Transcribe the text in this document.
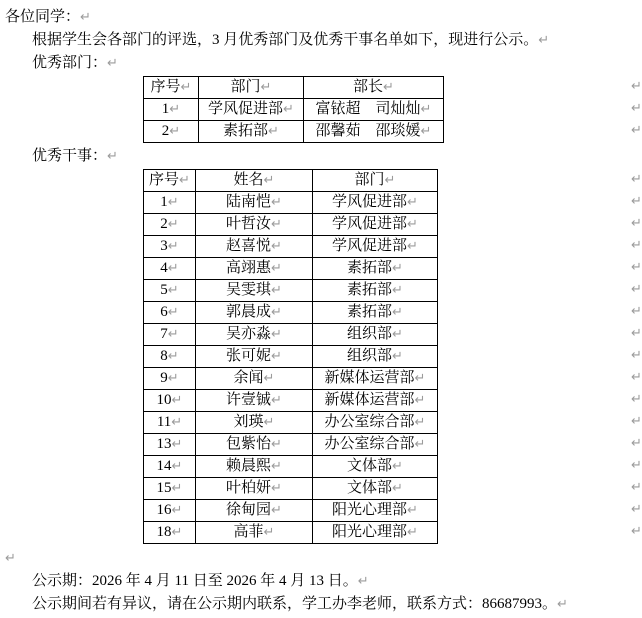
各位同学：↵

根据学生会各部门的评选，3 月优秀部门及优秀干事名单如下，现进行公示。↵

优秀部门：↵

序号↵	部门↵	部长↵
1↵	学风促进部↵	富铱超　司灿灿↵
2↵	素拓部↵	邵馨茹　邵琰媛↵
↵
↵
↵

优秀干事：↵

序号↵	姓名↵	部门↵
1↵	陆南恺↵	学风促进部↵
2↵	叶哲汝↵	学风促进部↵
3↵	赵喜悦↵	学风促进部↵
4↵	高翊惠↵	素拓部↵
5↵	吴雯琪↵	素拓部↵
6↵	郭晨成↵	素拓部↵
7↵	吴亦淼↵	组织部↵
8↵	张可妮↵	组织部↵
9↵	余闻↵	新媒体运营部↵
10↵	许壹铖↵	新媒体运营部↵
11↵	刘瑛↵	办公室综合部↵
13↵	包紫怡↵	办公室综合部↵
14↵	赖晨熙↵	文体部↵
15↵	叶柏妍↵	文体部↵
16↵	徐甸园↵	阳光心理部↵
18↵	高菲↵	阳光心理部↵
↵
↵
↵
↵
↵
↵
↵
↵
↵
↵
↵
↵
↵
↵
↵
↵
↵

↵

公示期：2026 年 4 月 11 日至 2026 年 4 月 13 日。↵

公示期间若有异议，请在公示期内联系，学工办李老师，联系方式：86687993。↵
